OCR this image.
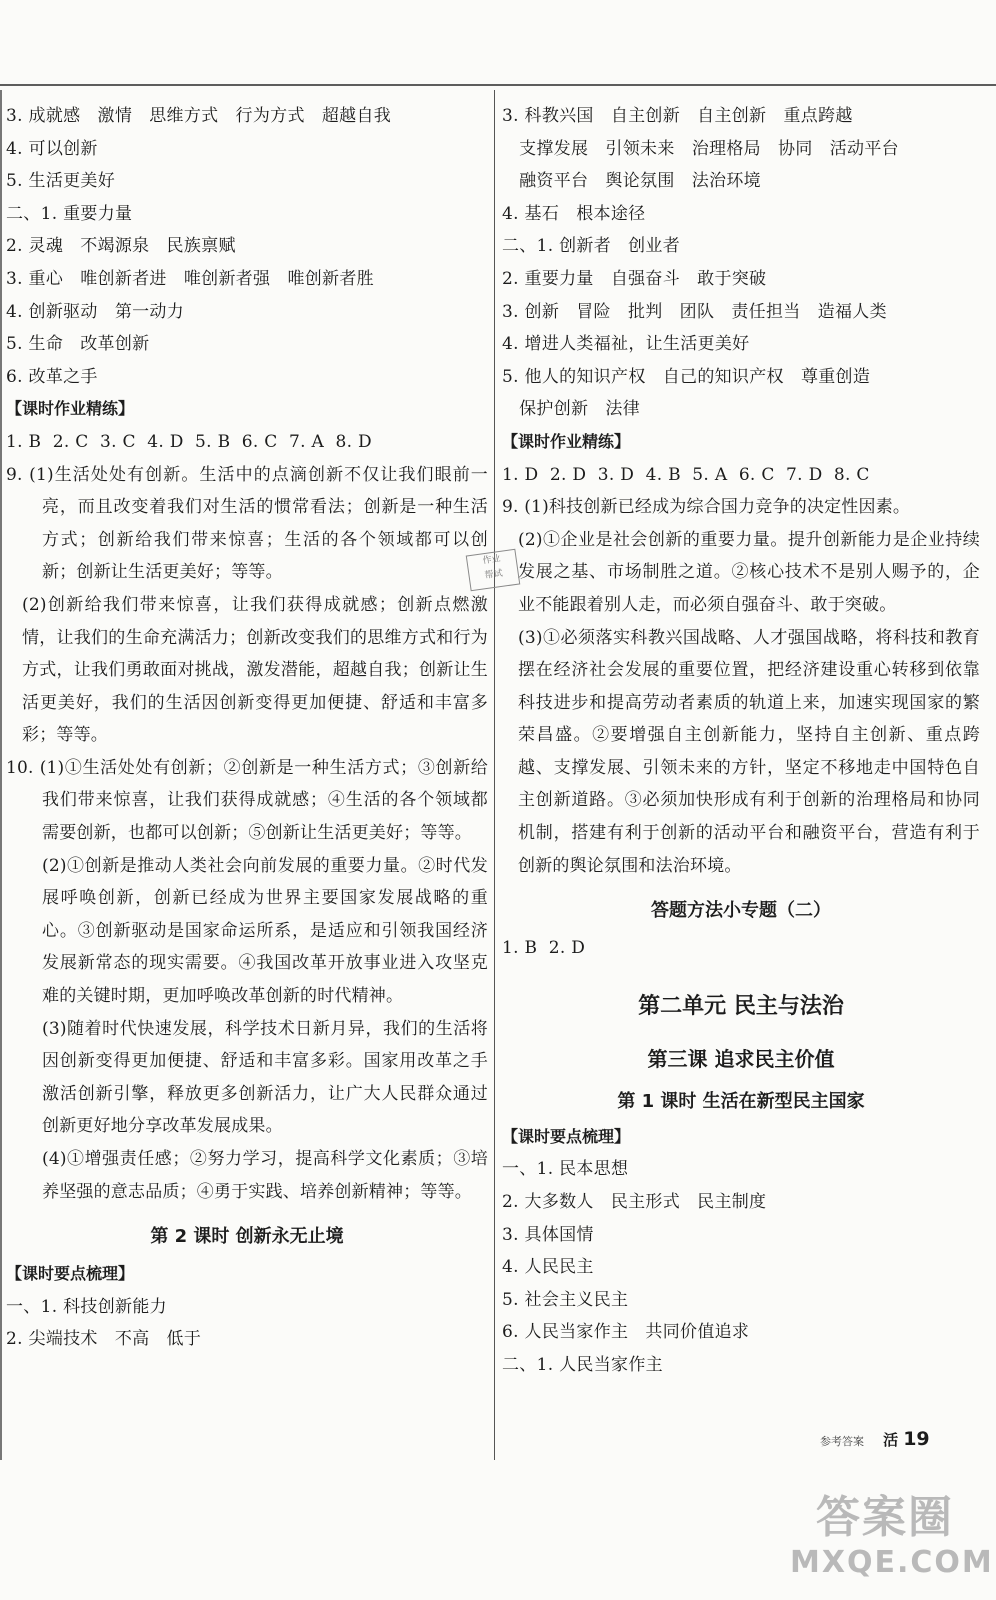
3. 成就感   激情   思维方式   行为方式   超越自我
4. 可以创新
5. 生活更美好
二、1. 重要力量
2. 灵魂   不竭源泉   民族禀赋
3. 重心   唯创新者进   唯创新者强   唯创新者胜
4. 创新驱动   第一动力
5. 生命   改革创新
6. 改革之手
【课时作业精练】
1. B  2. C  3. C  4. D  5. B  6. C  7. A  8. D
9. (1)生活处处有创新。生活中的点滴创新不仅让我们眼前一亮，而且改变着我们对生活的惯常看法；创新是一种生活方式；创新给我们带来惊喜；生活的各个领域都可以创新；创新让生活更美好；等等。
(2)创新给我们带来惊喜，让我们获得成就感；创新点燃激情，让我们的生命充满活力；创新改变我们的思维方式和行为方式，让我们勇敢面对挑战，激发潜能，超越自我；创新让生活更美好，我们的生活因创新变得更加便捷、舒适和丰富多彩；等等。
10. (1)①生活处处有创新；②创新是一种生活方式；③创新给我们带来惊喜，让我们获得成就感；④生活的各个领域都需要创新，也都可以创新；⑤创新让生活更美好；等等。
(2)①创新是推动人类社会向前发展的重要力量。②时代发展呼唤创新，创新已经成为世界主要国家发展战略的重心。③创新驱动是国家命运所系，是适应和引领我国经济发展新常态的现实需要。④我国改革开放事业进入攻坚克难的关键时期，更加呼唤改革创新的时代精神。
(3)随着时代快速发展，科学技术日新月异，我们的生活将因创新变得更加便捷、舒适和丰富多彩。国家用改革之手激活创新引擎，释放更多创新活力，让广大人民群众通过创新更好地分享改革发展成果。
(4)①增强责任感；②努力学习，提高科学文化素质；③培养坚强的意志品质；④勇于实践、培养创新精神；等等。
第 2 课时 创新永无止境
【课时要点梳理】
一、1. 科技创新能力
2. 尖端技术   不高   低于
作业
帮试
3. 科教兴国   自主创新   自主创新   重点跨越
支撑发展   引领未来   治理格局   协同   活动平台
融资平台   舆论氛围   法治环境
4. 基石   根本途径
二、1. 创新者   创业者
2. 重要力量   自强奋斗   敢于突破
3. 创新   冒险   批判   团队   责任担当   造福人类
4. 增进人类福祉，让生活更美好
5. 他人的知识产权   自己的知识产权   尊重创造
保护创新   法律
【课时作业精练】
1. D  2. D  3. D  4. B  5. A  6. C  7. D  8. C
9. (1)科技创新已经成为综合国力竞争的决定性因素。
(2)①企业是社会创新的重要力量。提升创新能力是企业持续发展之基、市场制胜之道。②核心技术不是别人赐予的，企业不能跟着别人走，而必须自强奋斗、敢于突破。
(3)①必须落实科教兴国战略、人才强国战略，将科技和教育摆在经济社会发展的重要位置，把经济建设重心转移到依靠科技进步和提高劳动者素质的轨道上来，加速实现国家的繁荣昌盛。②要增强自主创新能力，坚持自主创新、重点跨越、支撑发展、引领未来的方针，坚定不移地走中国特色自主创新道路。③必须加快形成有利于创新的治理格局和协同机制，搭建有利于创新的活动平台和融资平台，营造有利于创新的舆论氛围和法治环境。
答题方法小专题（二）
1. B  2. D
第二单元 民主与法治
第三课 追求民主价值
第 1 课时 生活在新型民主国家
【课时要点梳理】
一、1. 民本思想
2. 大多数人   民主形式   民主制度
3. 具体国情
4. 人民民主
5. 社会主义民主
6. 人民当家作主   共同价值追求
二、1. 人民当家作主
参考答案 活 19
答案圈
MXQE.COM
